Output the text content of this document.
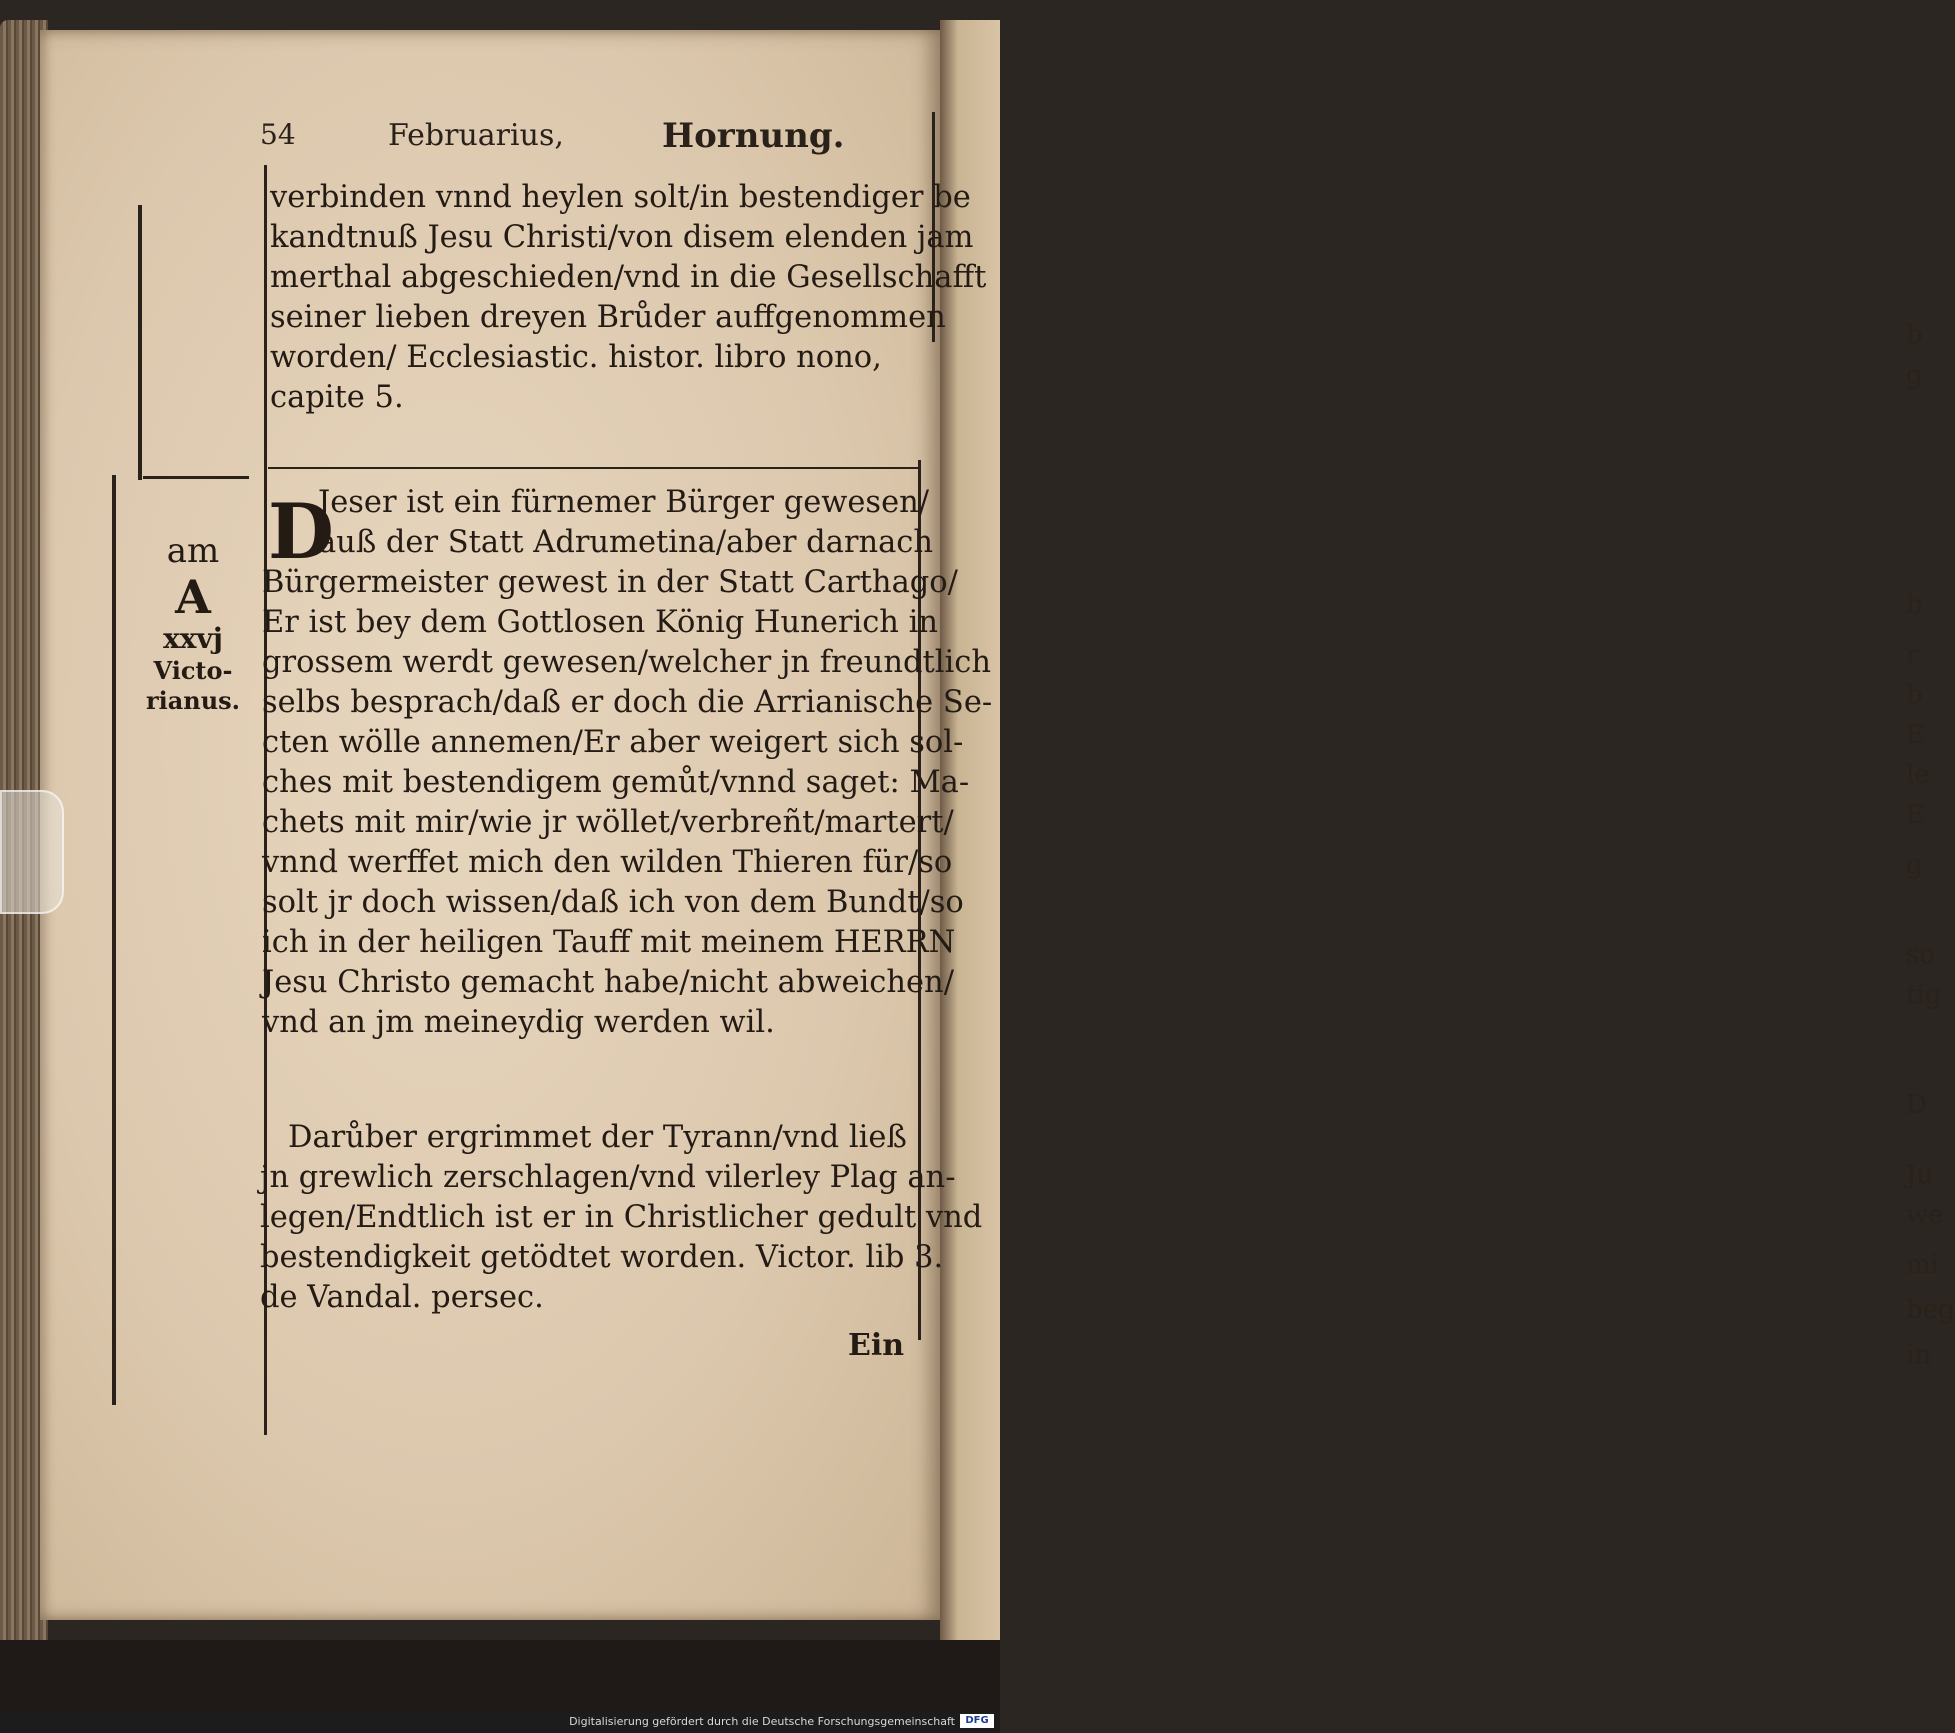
b
g
b
r
b
E
le
E
g
so
tig
D
Ju
we
mi
beg
in
54	Februarius,	Hornung.
verbinden vnnd heylen solt/in bestendiger be
kandtnuß Jesu Christi/von disem elenden jam
merthal abgeschieden/vnd in die Gesellschafft
seiner lieben dreyen Brůder auffgenommen
worden/ Ecclesiastic. histor. libro nono,
capite 5.
D
Jeser ist ein fürnemer Bürger gewesen/
auß der Statt Adrumetina/aber darnach
Bürgermeister gewest in der Statt Carthago/
Er ist bey dem Gottlosen König Hunerich in
grossem werdt gewesen/welcher jn freundtlich
selbs besprach/daß er doch die Arrianische Se-
cten wölle annemen/Er aber weigert sich sol-
ches mit bestendigem gemůt/vnnd saget: Ma-
chets mit mir/wie jr wöllet/verbreñt/martert/
vnnd werffet mich den wilden Thieren für/so
solt jr doch wissen/daß ich von dem Bundt/so
ich in der heiligen Tauff mit meinem HERRN
Jesu Christo gemacht habe/nicht abweichen/
vnd an jm meineydig werden wil.
Darůber ergrimmet der Tyrann/vnd ließ
jn grewlich zerschlagen/vnd vilerley Plag an-
legen/Endtlich ist er in Christlicher gedult vnd
bestendigkeit getödtet worden. Victor. lib 3.
de Vandal. persec.
am
A
xxvj
Victo-
rianus.
Ein
Digitalisierung gefördert durch die Deutsche Forschungsgemeinschaft	DFG
